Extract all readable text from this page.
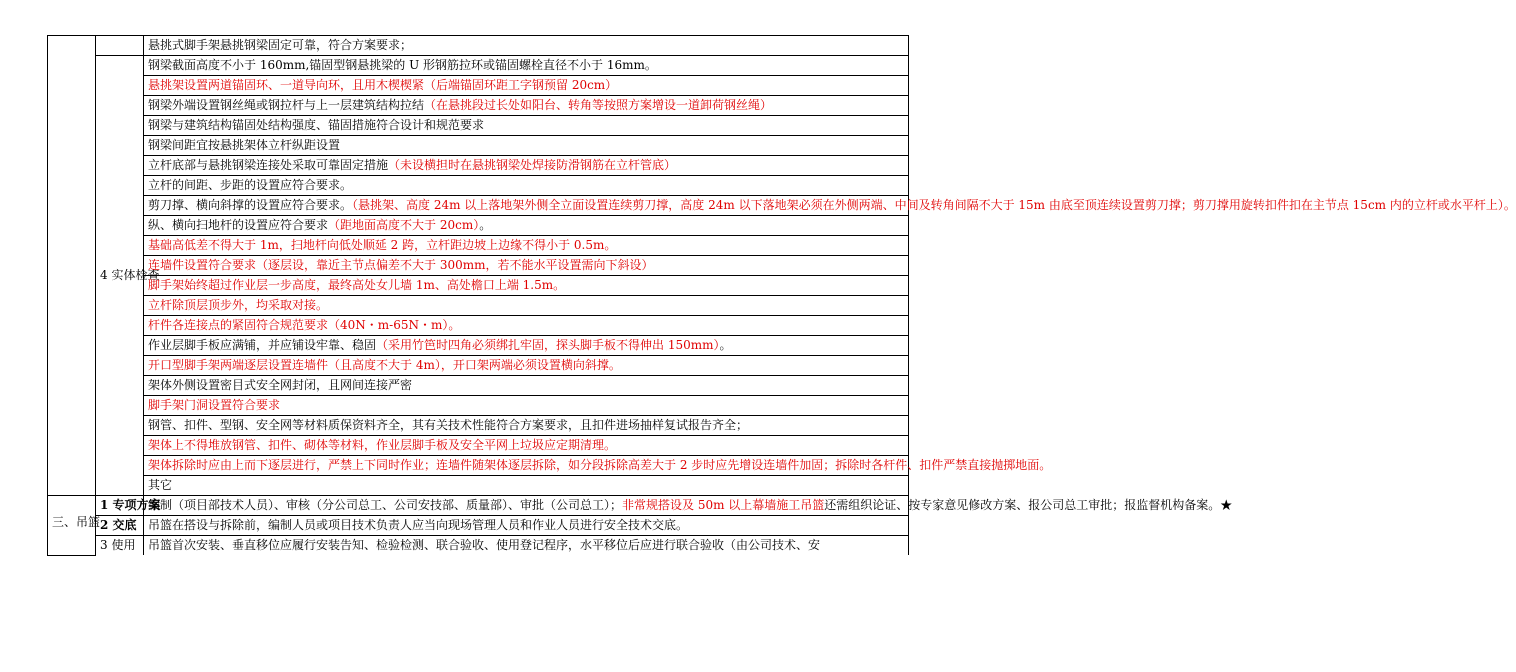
		悬挑式脚手架悬挑钢梁固定可靠，符合方案要求；
	4 实体检查	钢梁截面高度不小于 160mm,锚固型钢悬挑梁的 U 形钢筋拉环或锚固螺栓直径不小于 16mm。
		悬挑架设置两道锚固环、一道导向环，且用木楔楔紧（后端锚固环距工字钢预留 20cm）
		钢梁外端设置钢丝绳或钢拉杆与上一层建筑结构拉结（在悬挑段过长处如阳台、转角等按照方案增设一道卸荷钢丝绳）
		钢梁与建筑结构锚固处结构强度、锚固措施符合设计和规范要求
		钢梁间距宜按悬挑架体立杆纵距设置
		立杆底部与悬挑钢梁连接处采取可靠固定措施（未设横担时在悬挑钢梁处焊接防滑钢筋在立杆管底）
		立杆的间距、步距的设置应符合要求。
		剪刀撑、横向斜撑的设置应符合要求。（悬挑架、高度 24m 以上落地架外侧全立面设置连续剪刀撑，高度 24m 以下落地架必须在外侧两端、中间及转角间隔不大于 15m 由底至顶连续设置剪刀撑；剪刀撑用旋转扣件扣在主节点 15cm 内的立杆或水平杆上）。
		纵、横向扫地杆的设置应符合要求（距地面高度不大于 20cm）。
		基础高低差不得大于 1m，扫地杆向低处顺延 2 跨，立杆距边坡上边缘不得小于 0.5m。
		连墙件设置符合要求（逐层设，靠近主节点偏差不大于 300mm，若不能水平设置需向下斜设）
		脚手架始终超过作业层一步高度，最终高处女儿墙 1m、高处檐口上端 1.5m。
		立杆除顶层顶步外，均采取对接。
		杆件各连接点的紧固符合规范要求（40N・m-65N・m）。
		作业层脚手板应满铺，并应铺设牢靠、稳固（采用竹笆时四角必须绑扎牢固，探头脚手板不得伸出 150mm）。
		开口型脚手架两端逐层设置连墙件（且高度不大于 4m），开口架两端必须设置横向斜撑。
		架体外侧设置密目式安全网封闭，且网间连接严密
		脚手架门洞设置符合要求
		钢管、扣件、型钢、安全网等材料质保资料齐全，其有关技术性能符合方案要求，且扣件进场抽样复试报告齐全；
		架体上不得堆放钢管、扣件、砌体等材料，作业层脚手板及安全平网上垃圾应定期清理。
		架体拆除时应由上而下逐层进行，严禁上下同时作业；连墙件随架体逐层拆除，如分段拆除高差大于 2 步时应先增设连墙件加固；拆除时各杆件、扣件严禁直接抛掷地面。
		其它
三、吊篮	1 专项方案	编制（项目部技术人员）、审核（分公司总工、公司安技部、质量部）、审批（公司总工）；非常规搭设及 50m 以上幕墙施工吊篮还需组织论证、按专家意见修改方案、报公司总工审批；报监督机构备案。★
	2 交底	吊篮在搭设与拆除前，编制人员或项目技术负责人应当向现场管理人员和作业人员进行安全技术交底。
	3 使用	吊篮首次安装、垂直移位应履行安装告知、检验检测、联合验收、使用登记程序，水平移位后应进行联合验收（由公司技术、安
